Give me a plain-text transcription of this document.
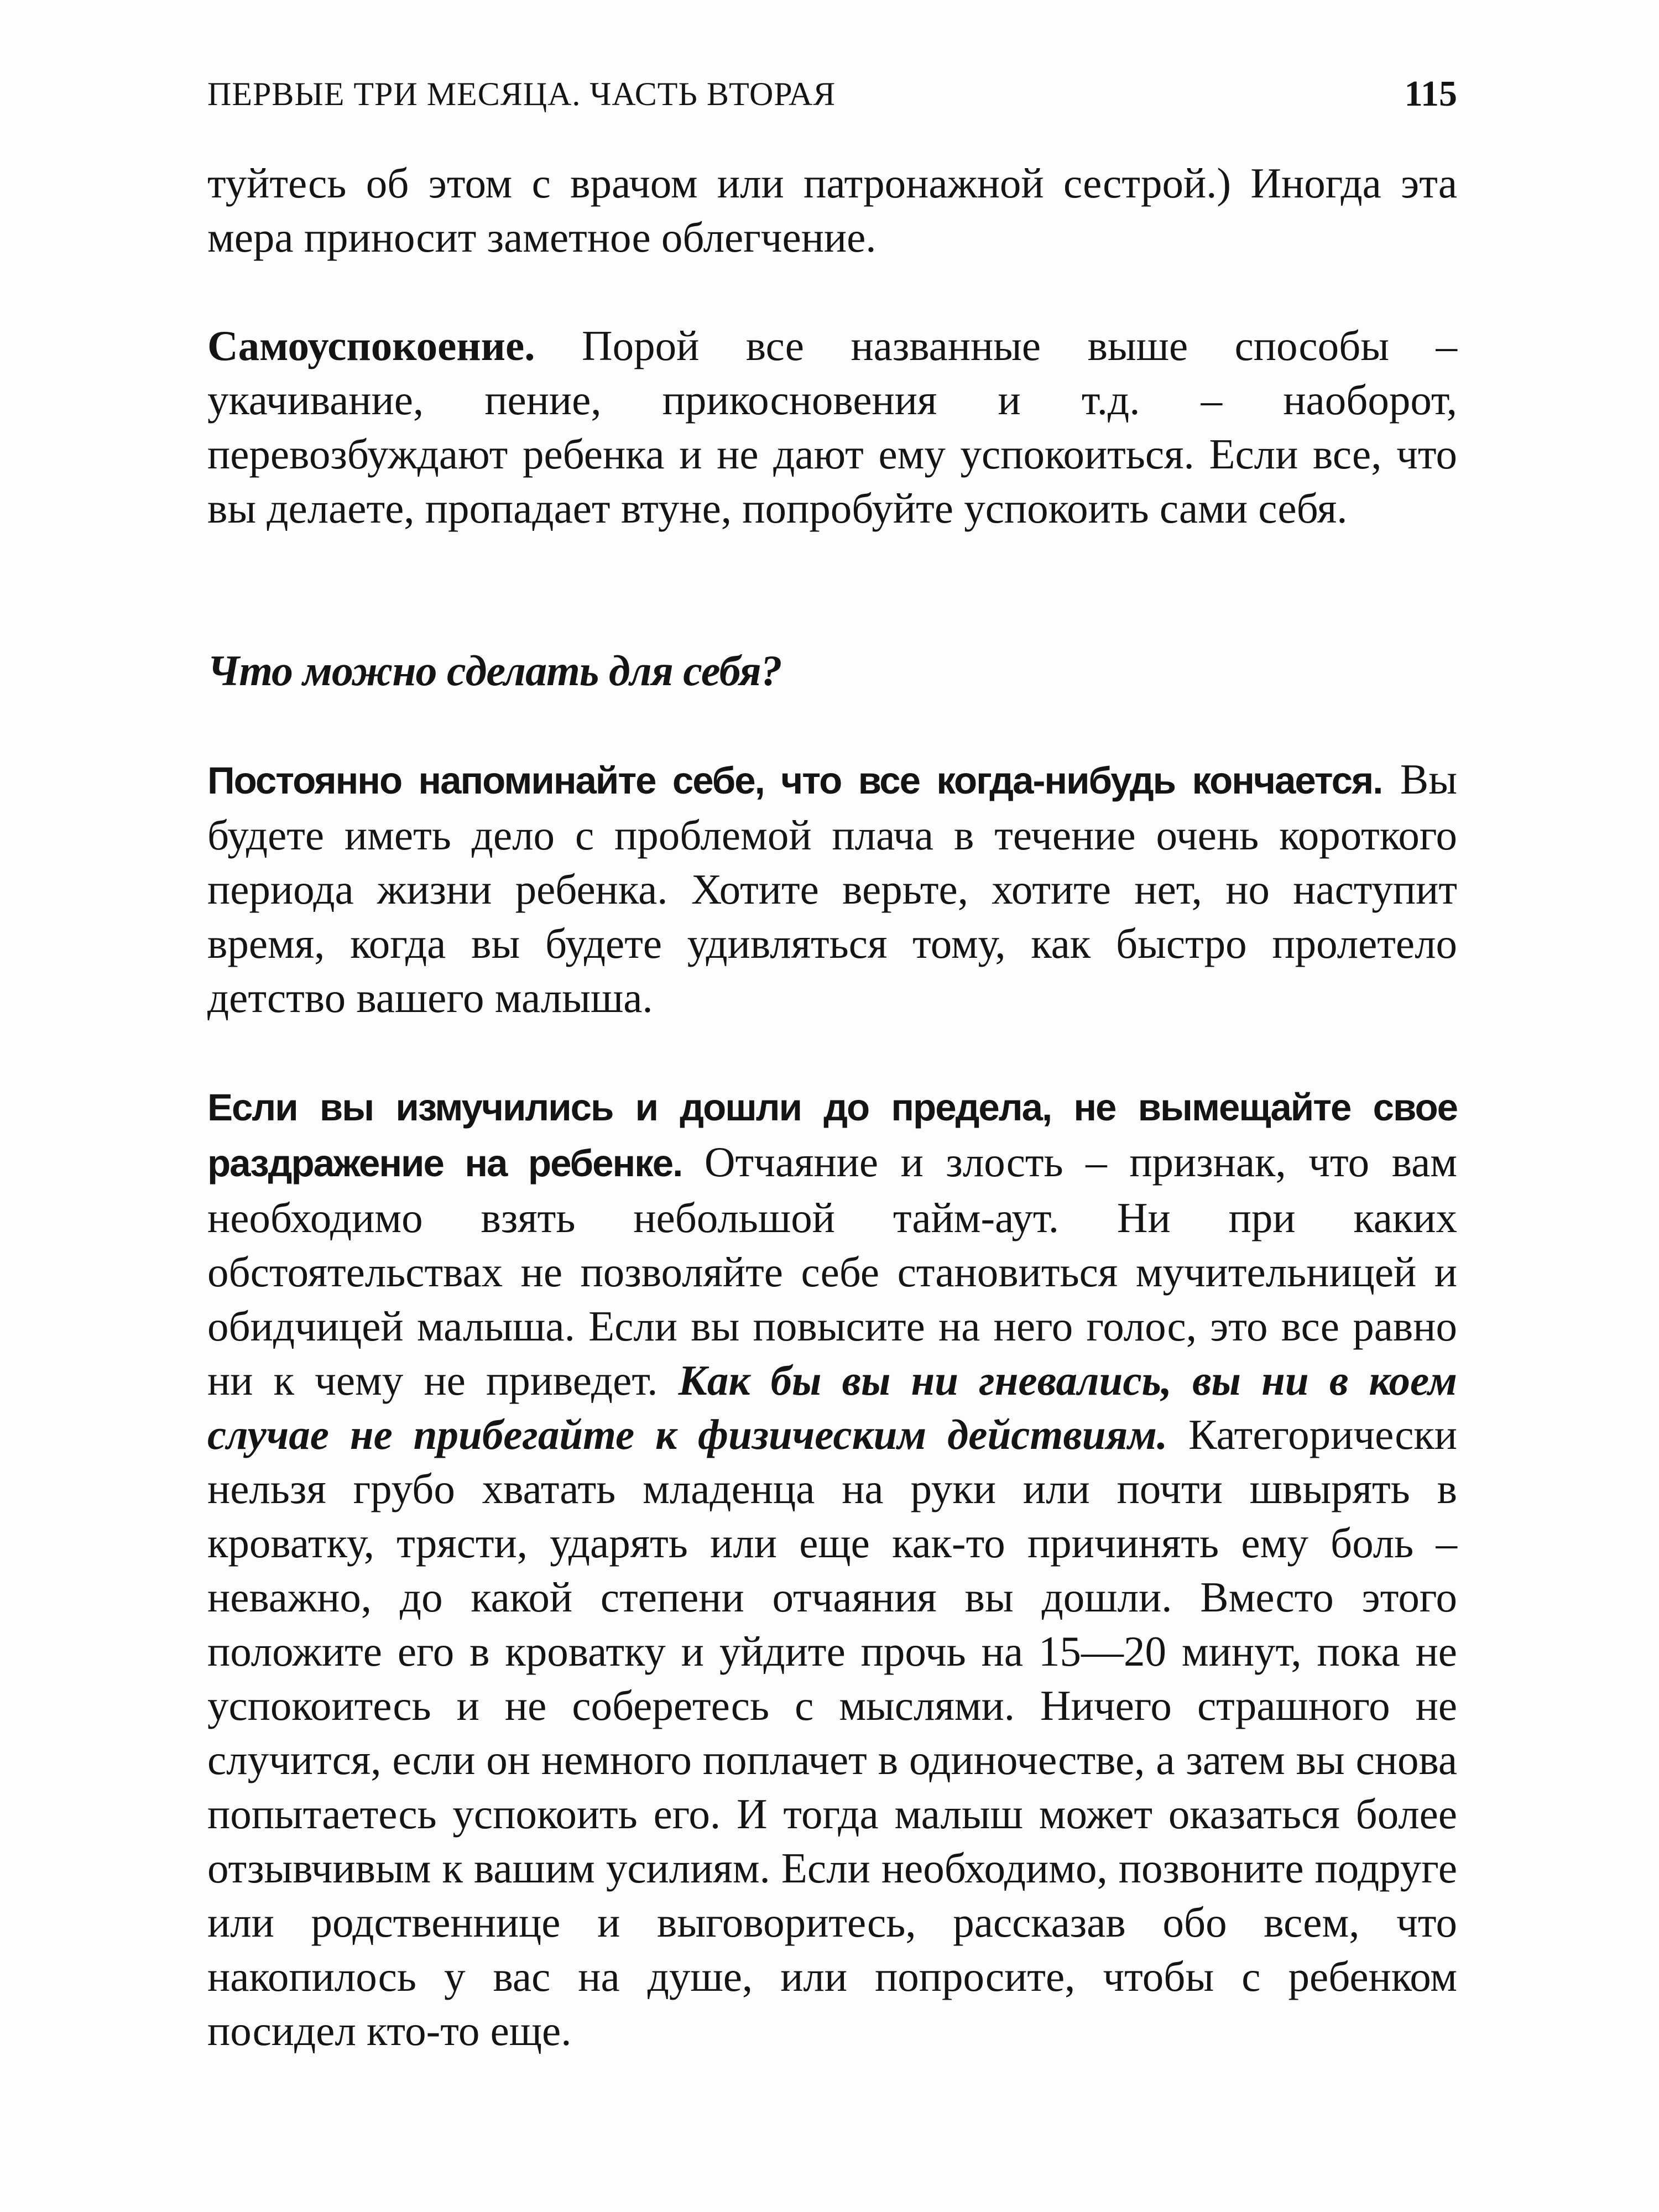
ПЕРВЫЕ ТРИ МЕСЯЦА. ЧАСТЬ ВТОРАЯ	115

туйтесь об этом с врачом или патронажной сестрой.) Иногда эта мера приносит заметное облегчение.

Самоуспокоение. Порой все названные выше способы – укачивание, пение, прикосновения и т.д. – наоборот, перевозбуждают ребенка и не дают ему успокоиться. Если все, что вы делаете, пропадает втуне, попробуйте успокоить сами себя.

Что можно сделать для себя?

Постоянно напоминайте себе, что все когда-нибудь кончается. Вы будете иметь дело с проблемой плача в течение очень короткого периода жизни ребенка. Хотите верьте, хотите нет, но наступит время, когда вы будете удивляться тому, как быстро пролетело детство вашего малыша.

Если вы измучились и дошли до предела, не вымещайте свое раздражение на ребенке. Отчаяние и злость – признак, что вам необходимо взять небольшой тайм-аут. Ни при каких обстоятельствах не позволяйте себе становиться мучительницей и обидчицей малыша. Если вы повысите на него голос, это все равно ни к чему не приведет. Как бы вы ни гневались, вы ни в коем случае не прибегайте к физическим действиям. Категорически нельзя грубо хватать младенца на руки или почти швырять в кроватку, трясти, ударять или еще как-то причинять ему боль – неважно, до какой степени отчаяния вы дошли. Вместо этого положите его в кроватку и уйдите прочь на 15—20 минут, пока не успокоитесь и не соберетесь с мыслями. Ничего страшного не случится, если он немного поплачет в одиночестве, а затем вы снова попытаетесь успокоить его. И тогда малыш может оказаться более отзывчивым к вашим усилиям. Если необходимо, позвоните подруге или родственнице и выговоритесь, рассказав обо всем, что накопилось у вас на душе, или попросите, чтобы с ребенком посидел кто-то еще.
